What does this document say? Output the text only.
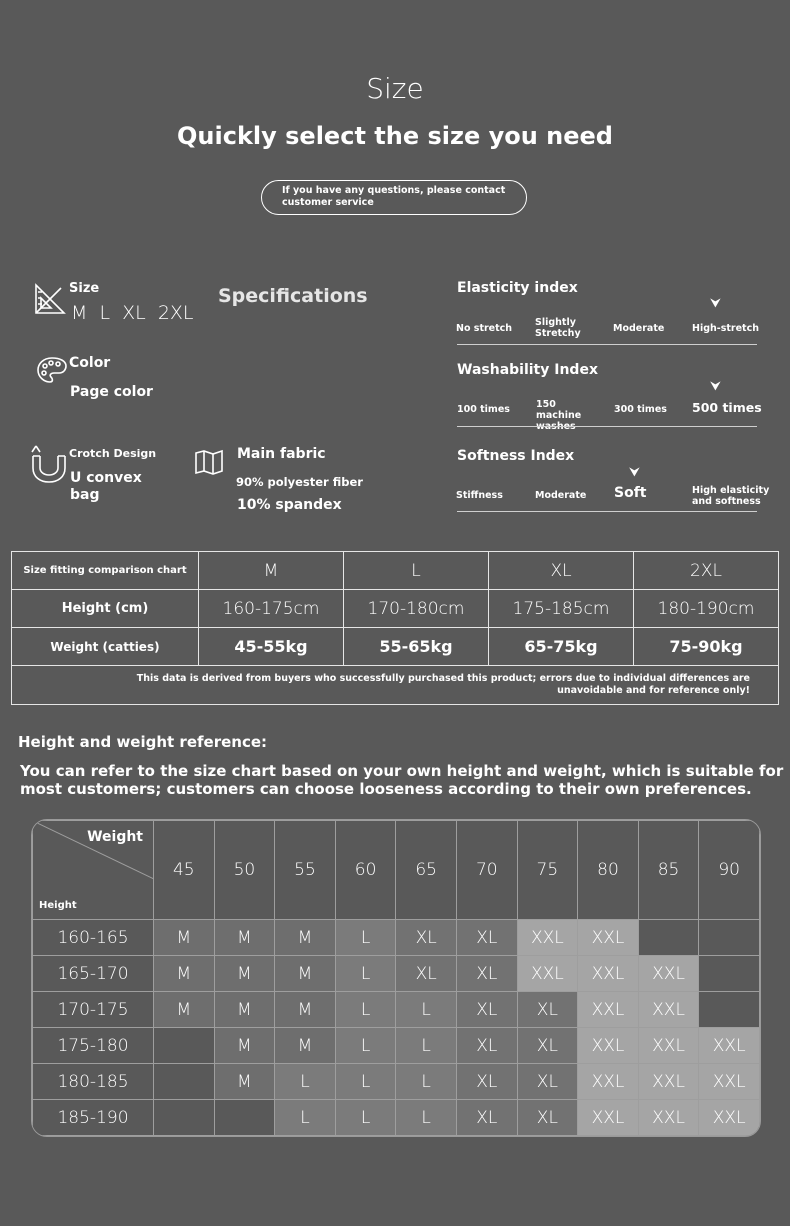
Size
Quickly select the size you need
If you have any questions, please contact customer service
Size
M  L  XL  2XL
Specifications
Color
Page color
Crotch Design
U convex bag
Main fabric
90% polyester fiber
10% spandex
Elasticity index
⮟
No stretch
Slightly Stretchy	Moderate	High-stretch
Washability Index
⮟
100 times	150 machine
300 times 500 times
Softness Index
⮟
Stiffness	Moderate Soft	High elasticity and softness
Size fitting comparison chart	M	L	XL	2XL
Height (cm)	160-175cm	170-180cm	175-185cm	180-190cm
Weight (catties)	45-55kg	55-65kg	65-75kg	75-90kg
This data is derived from buyers who successfully purchased this product; errors due to individual differences are unavoidable and for reference only!				
Height and weight reference:
You can refer to the size chart based on your own height and weight, which is suitable for most customers; customers can choose looseness according to their own preferences.
Weight
Height	45	50	55	60	65	70	75	80	85	90
160-165	M	M	M	L	XL	XL	XXL	XXL		
165-170	M	M	M	L	XL	XL	XXL	XXL	XXL	
170-175	M	M	M	L	L	XL	XL	XXL	XXL	
175-180		M	M	L	L	XL	XL	XXL	XXL	XXL
180-185		M	L	L	L	XL	XL	XXL	XXL	XXL
185-190			L	L	L	XL	XL	XXL	XXL	XXL
